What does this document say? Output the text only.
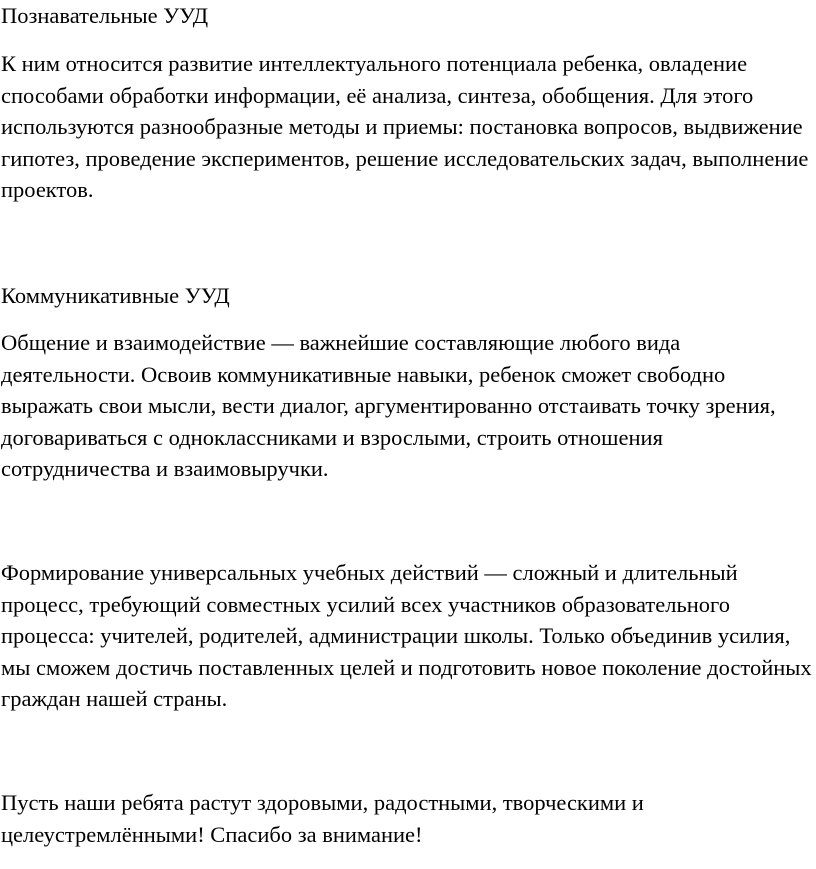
Познавательные УУД
К ним относится развитие интеллектуального потенциала ребенка, овладение способами обработки информации, её анализа, синтеза, обобщения. Для этого используются разнообразные методы и приемы: постановка вопросов, выдвижение гипотез, проведение экспериментов, решение исследовательских задач, выполнение проектов.
Коммуникативные УУД
Общение и взаимодействие — важнейшие составляющие любого вида деятельности. Освоив коммуникативные навыки, ребенок сможет свободно выражать свои мысли, вести диалог, аргументированно отстаивать точку зрения, договариваться с одноклассниками и взрослыми, строить отношения сотрудничества и взаимовыручки.
Формирование универсальных учебных действий — сложный и длительный процесс, требующий совместных усилий всех участников образовательного процесса: учителей, родителей, администрации школы. Только объединив усилия, мы сможем достичь поставленных целей и подготовить новое поколение достойных граждан нашей страны.
Пусть наши ребята растут здоровыми, радостными, творческими и целеустремлёнными! Спасибо за внимание!
